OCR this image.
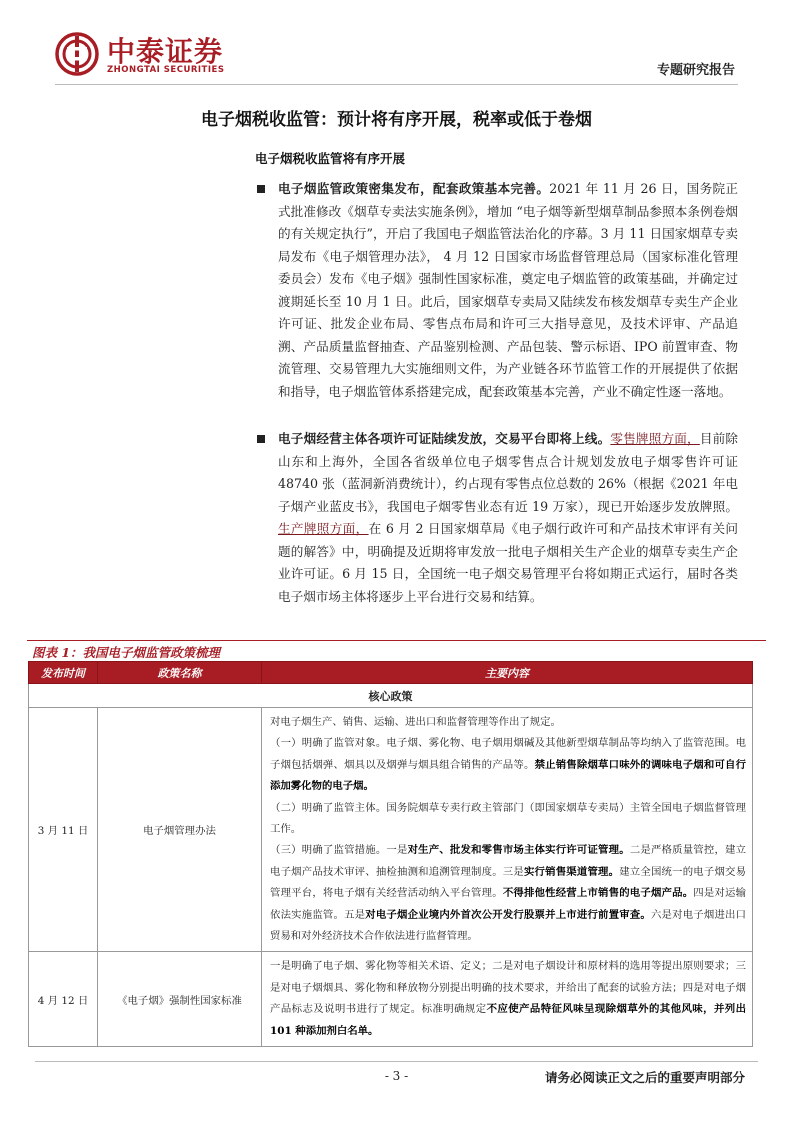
中泰证券
ZHONGTAI SECURITIES	专题研究报告
电子烟税收监管：预计将有序开展，税率或低于卷烟
电子烟税收监管将有序开展
电子烟监管政策密集发布，配套政策基本完善。2021 年 11 月 26 日，国务院正式批准修改《烟草专卖法实施条例》，增加 “电子烟等新型烟草制品参照本条例卷烟的有关规定执行”，开启了我国电子烟监管法治化的序幕。3 月 11 日国家烟草专卖局发布《电子烟管理办法》， 4 月 12 日国家市场监督管理总局（国家标准化管理委员会）发布《电子烟》强制性国家标准，奠定电子烟监管的政策基础，并确定过渡期延长至 10 月 1 日。此后，国家烟草专卖局又陆续发布核发烟草专卖生产企业许可证、批发企业布局、零售点布局和许可三大指导意见，及技术评审、产品追溯、产品质量监督抽查、产品鉴别检测、产品包装、警示标语、IPO 前置审查、物流管理、交易管理九大实施细则文件，为产业链各环节监管工作的开展提供了依据和指导，电子烟监管体系搭建完成，配套政策基本完善，产业不确定性逐一落地。
电子烟经营主体各项许可证陆续发放，交易平台即将上线。零售牌照方面，目前除山东和上海外，全国各省级单位电子烟零售点合计规划发放电子烟零售许可证 48740 张（蓝洞新消费统计），约占现有零售点位总数的 26%（根据《2021 年电子烟产业蓝皮书》，我国电子烟零售业态有近 19 万家），现已开始逐步发放牌照。生产牌照方面，在 6 月 2 日国家烟草局《电子烟行政许可和产品技术审评有关问题的解答》中，明确提及近期将审发放一批电子烟相关生产企业的烟草专卖生产企业许可证。6 月 15 日，全国统一电子烟交易管理平台将如期正式运行，届时各类电子烟市场主体将逐步上平台进行交易和结算。
图表 1：我国电子烟监管政策梳理
发布时间	政策名称	主要内容
核心政策		
3 月 11 日	电子烟管理办法	对电子烟生产、销售、运输、进出口和监督管理等作出了规定。

（一）明确了监管对象。电子烟、雾化物、电子烟用烟碱及其他新型烟草制品等均纳入了监管范围。电子烟包括烟弹、烟具以及烟弹与烟具组合销售的产品等。禁止销售除烟草口味外的调味电子烟和可自行添加雾化物的电子烟。

（二）明确了监管主体。国务院烟草专卖行政主管部门（即国家烟草专卖局）主管全国电子烟监督管理工作。

（三）明确了监管措施。一是对生产、批发和零售市场主体实行许可证管理。二是严格质量管控，建立电子烟产品技术审评、抽检抽测和追溯管理制度。三是实行销售渠道管理。建立全国统一的电子烟交易管理平台，将电子烟有关经营活动纳入平台管理。不得排他性经营上市销售的电子烟产品。四是对运输依法实施监管。五是对电子烟企业境内外首次公开发行股票并上市进行前置审查。六是对电子烟进出口贸易和对外经济技术合作依法进行监督管理。

4 月 12 日	《电子烟》强制性国家标准	一是明确了电子烟、雾化物等相关术语、定义；二是对电子烟设计和原材料的选用等提出原则要求；三是对电子烟烟具、雾化物和释放物分别提出明确的技术要求，并给出了配套的试验方法；四是对电子烟产品标志及说明书进行了规定。标准明确规定不应使产品特征风味呈现除烟草外的其他风味，并列出 101 种添加剂白名单。

- 3 -	请务必阅读正文之后的重要声明部分
